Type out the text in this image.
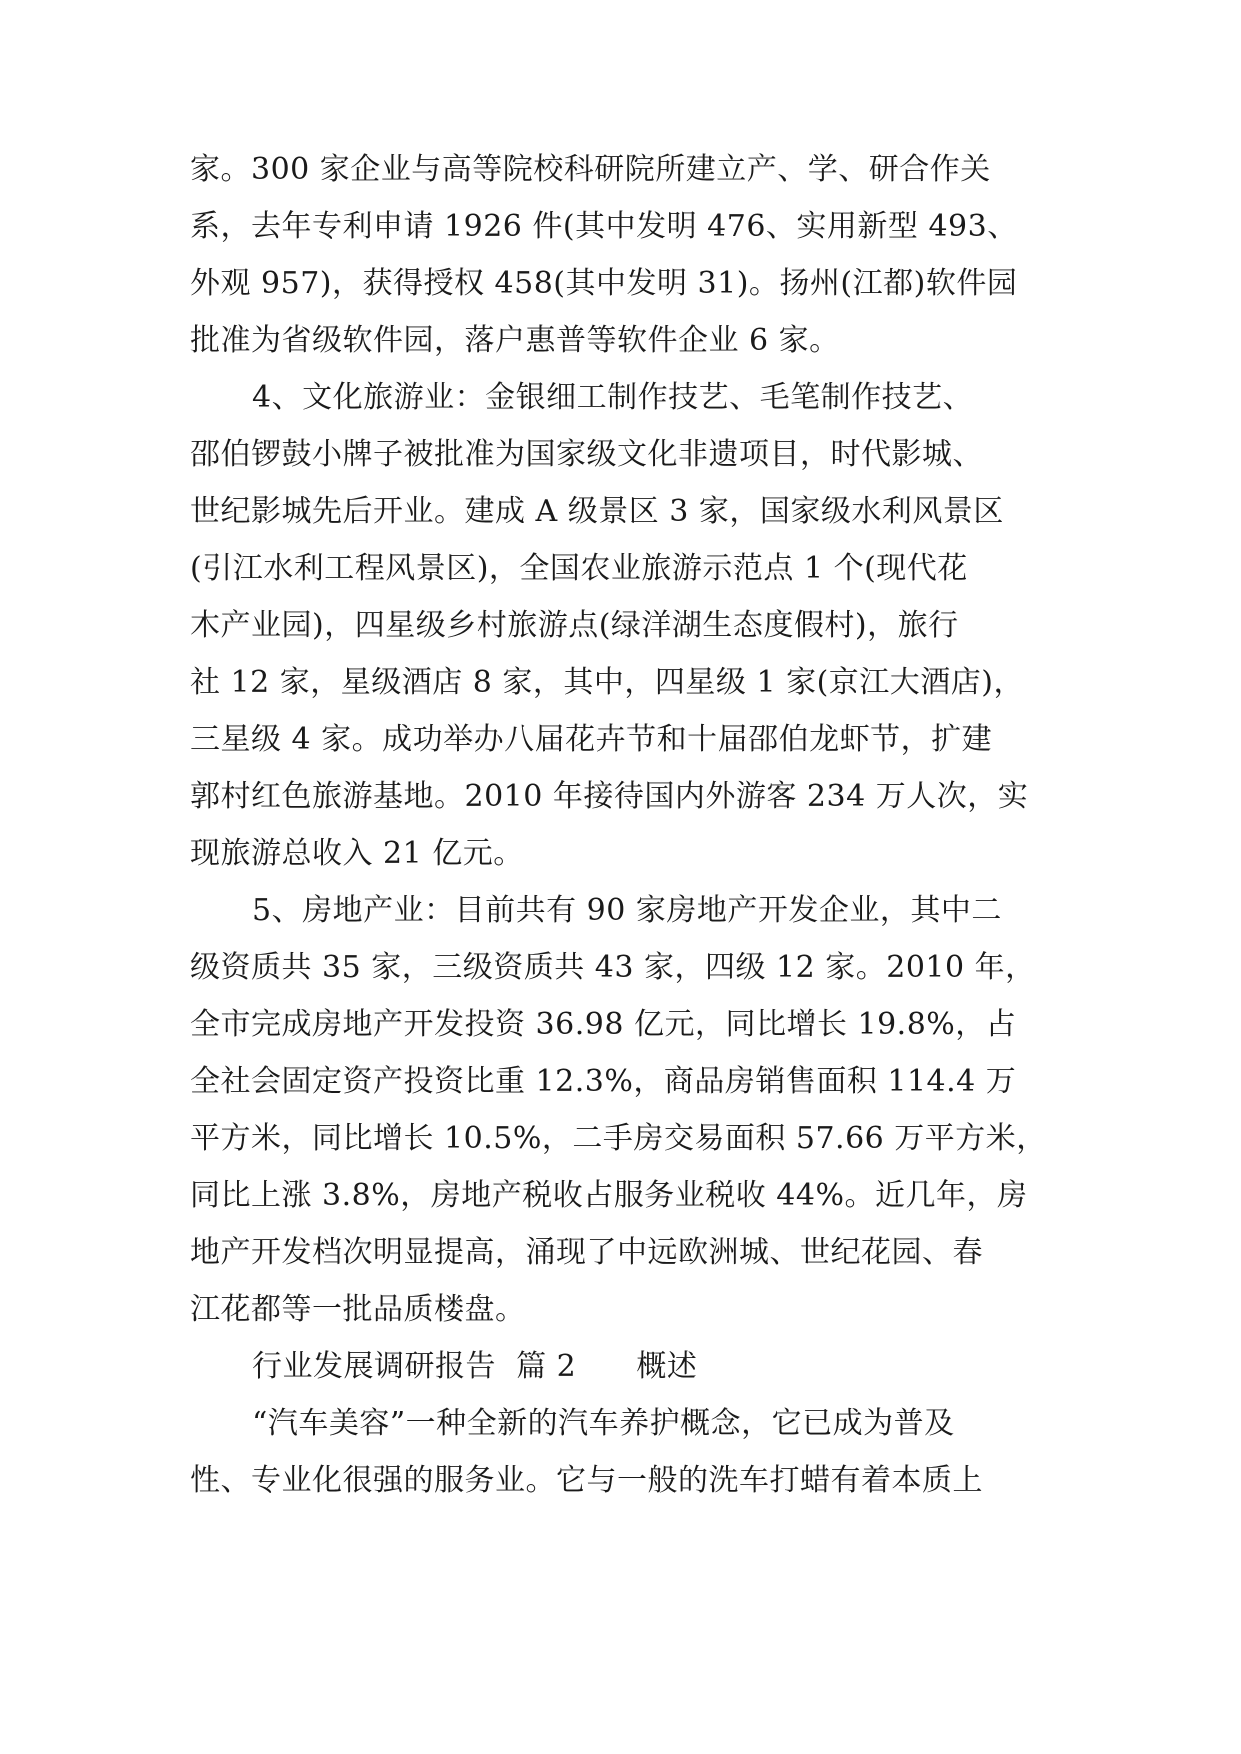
家。300 家企业与高等院校科研院所建立产、学、研合作关
系，去年专利申请 1926 件(其中发明 476、实用新型 493、
外观 957)，获得授权 458(其中发明 31)。扬州(江都)软件园
批准为省级软件园，落户惠普等软件企业 6 家。
4、文化旅游业：金银细工制作技艺、毛笔制作技艺、
邵伯锣鼓小牌子被批准为国家级文化非遗项目，时代影城、
世纪影城先后开业。建成 A 级景区 3 家，国家级水利风景区
(引江水利工程风景区)，全国农业旅游示范点 1 个(现代花
木产业园)，四星级乡村旅游点(绿洋湖生态度假村)，旅行
社 12 家，星级酒店 8 家，其中，四星级 1 家(京江大酒店)，
三星级 4 家。成功举办八届花卉节和十届邵伯龙虾节，扩建
郭村红色旅游基地。2010 年接待国内外游客 234 万人次，实
现旅游总收入 21 亿元。
5、房地产业：目前共有 90 家房地产开发企业，其中二
级资质共 35 家，三级资质共 43 家，四级 12 家。2010 年，
全市完成房地产开发投资 36.98 亿元，同比增长 19.8%，占
全社会固定资产投资比重 12.3%，商品房销售面积 114.4 万
平方米，同比增长 10.5%，二手房交易面积 57.66 万平方米，
同比上涨 3.8%，房地产税收占服务业税收 44%。近几年，房
地产开发档次明显提高，涌现了中远欧洲城、世纪花园、春
江花都等一批品质楼盘。
行业发展调研报告  篇 2      概述
“汽车美容”一种全新的汽车养护概念，它已成为普及
性、专业化很强的服务业。它与一般的洗车打蜡有着本质上
